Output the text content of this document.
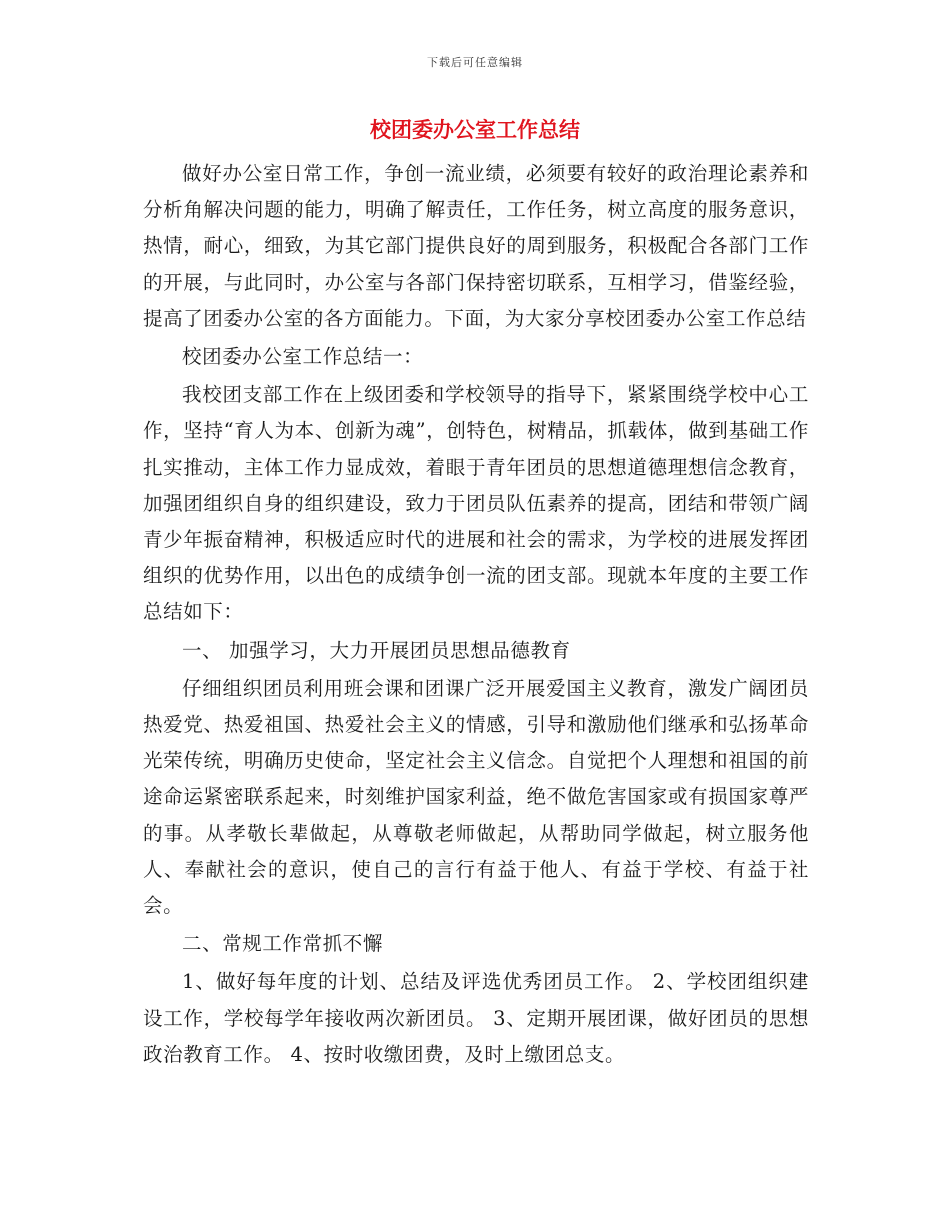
下载后可任意编辑
校团委办公室工作总结

做好办公室日常工作，争创一流业绩，必须要有较好的政治理论素养和分析角解决问题的能力，明确了解责任，工作任务，树立高度的服务意识，热情，耐心，细致，为其它部门提供良好的周到服务，积极配合各部门工作的开展，与此同时，办公室与各部门保持密切联系，互相学习，借鉴经验，提高了团委办公室的各方面能力。下面，为大家分享校团委办公室工作总结

校团委办公室工作总结一：

我校团支部工作在上级团委和学校领导的指导下，紧紧围绕学校中心工作，坚持“育人为本、创新为魂”，创特色，树精品，抓载体，做到基础工作扎实推动，主体工作力显成效，着眼于青年团员的思想道德理想信念教育，加强团组织自身的组织建设，致力于团员队伍素养的提高，团结和带领广阔青少年振奋精神，积极适应时代的进展和社会的需求，为学校的进展发挥团组织的优势作用，以出色的成绩争创一流的团支部。现就本年度的主要工作总结如下：

一、 加强学习，大力开展团员思想品德教育

仔细组织团员利用班会课和团课广泛开展爱国主义教育，激发广阔团员热爱党、热爱祖国、热爱社会主义的情感，引导和激励他们继承和弘扬革命光荣传统，明确历史使命，坚定社会主义信念。自觉把个人理想和祖国的前途命运紧密联系起来，时刻维护国家利益，绝不做危害国家或有损国家尊严的事。从孝敬长辈做起，从尊敬老师做起，从帮助同学做起，树立服务他人、奉献社会的意识，使自己的言行有益于他人、有益于学校、有益于社会。

二、常规工作常抓不懈

1、做好每年度的计划、总结及评选优秀团员工作。 2、学校团组织建设工作，学校每学年接收两次新团员。 3、定期开展团课，做好团员的思想政治教育工作。 4、按时收缴团费，及时上缴团总支。
